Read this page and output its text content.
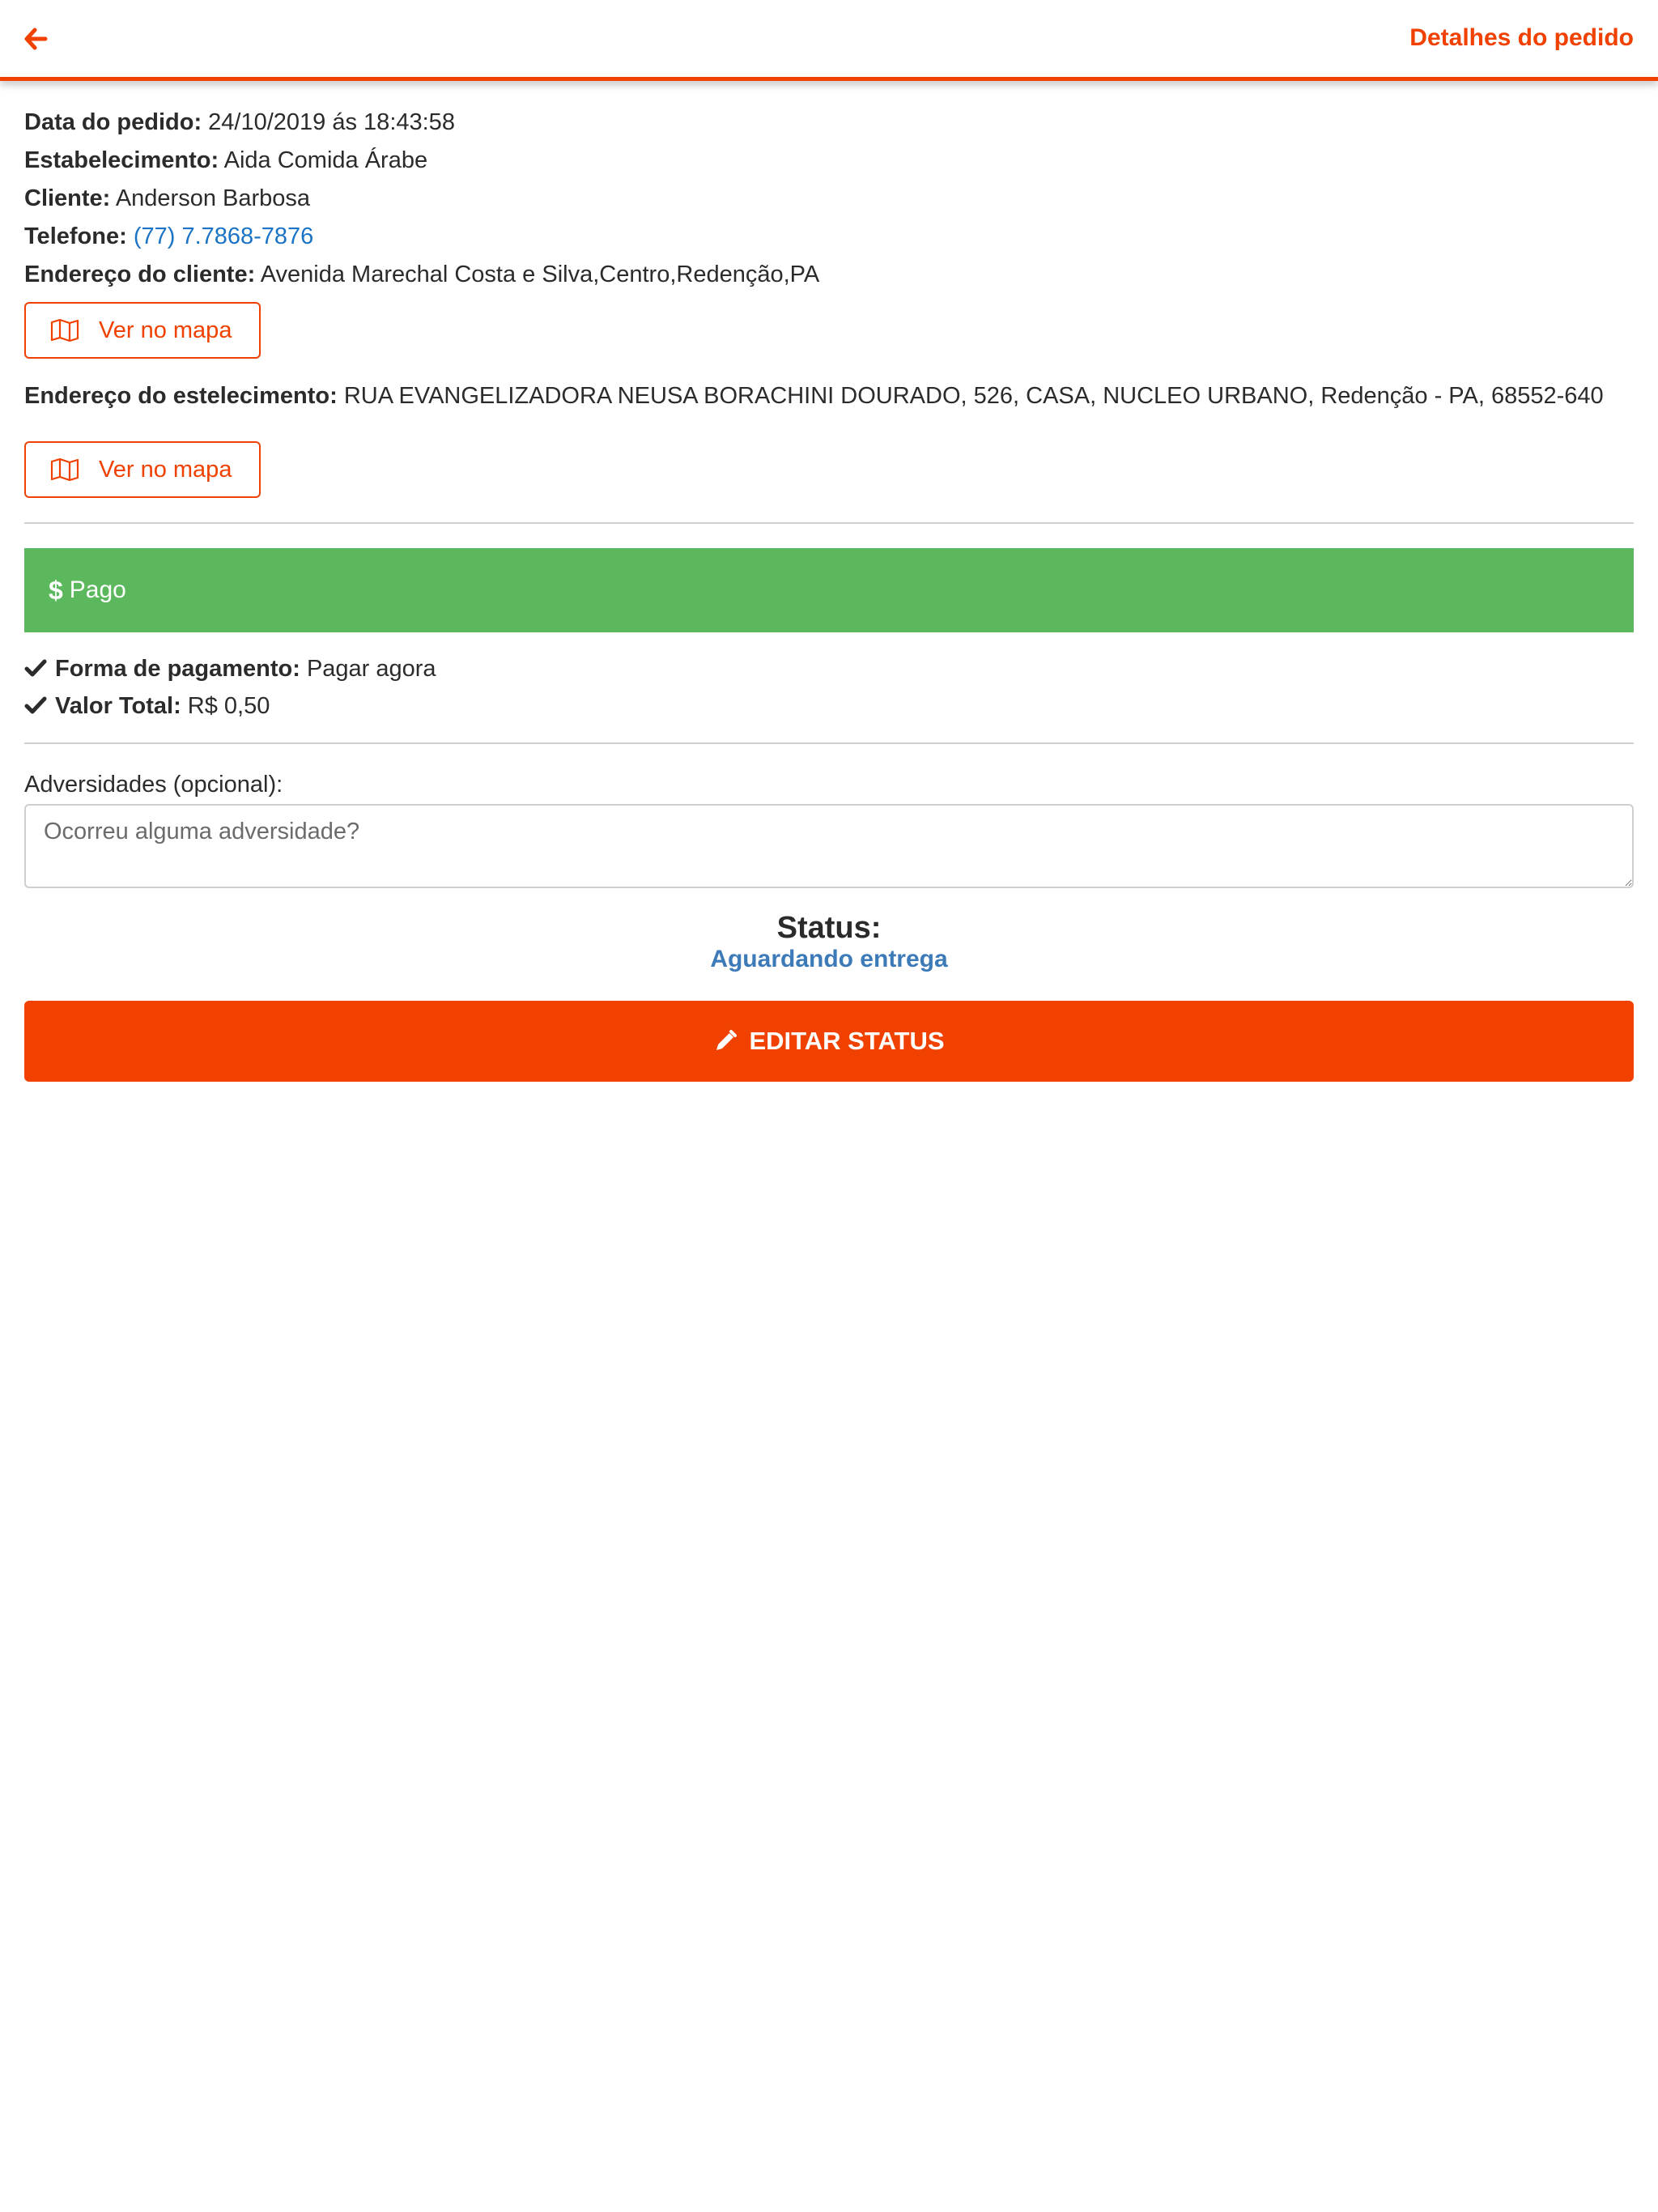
Detalhes do pedido
Data do pedido: 24/10/2019 ás 18:43:58
Estabelecimento: Aida Comida Árabe
Cliente: Anderson Barbosa
Telefone: (77) 7.7868-7876
Endereço do cliente: Avenida Marechal Costa e Silva,Centro,Redenção,PA
Ver no mapa
Endereço do estelecimento: RUA EVANGELIZADORA NEUSA BORACHINI DOURADO, 526, CASA, NUCLEO URBANO, Redenção - PA, 68552-640
Ver no mapa
$ Pago
Forma de pagamento: Pagar agora
Valor Total: R$ 0,50
Adversidades (opcional):
Ocorreu alguma adversidade?
Status:
Aguardando entrega
EDITAR STATUS
